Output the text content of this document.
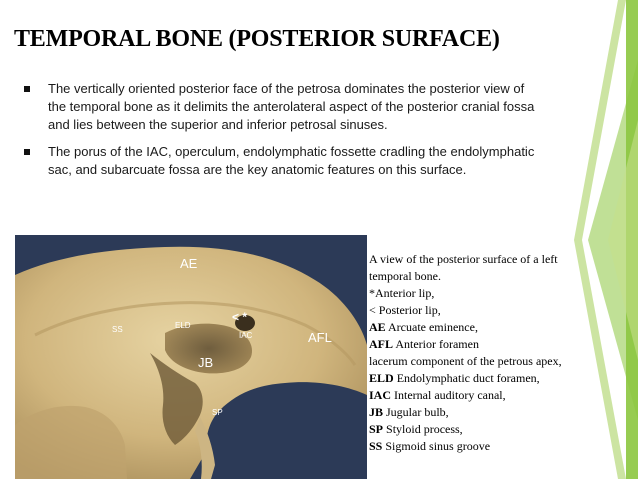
TEMPORAL BONE (POSTERIOR SURFACE)
The vertically oriented posterior face of the petrosa dominates the posterior view of the temporal bone as it delimits the anterolateral aspect of the posterior cranial fossa and lies between the superior and inferior petrosal sinuses.
The porus of the IAC, operculum, endolymphatic fossette cradling the endolymphatic sac, and subarcuate fossa are the key anatomic features on this surface.
AE
ELD
< *
IAC	AFL
SS
JB
SP
A view of the posterior surface of a left
temporal bone.
*Anterior lip,
< Posterior lip,
AE Arcuate eminence,
AFL Anterior foramen
lacerum component of the petrous apex,
ELD Endolymphatic duct foramen,
IAC Internal auditory canal,
JB Jugular bulb,
SP Styloid process,
SS Sigmoid sinus groove
